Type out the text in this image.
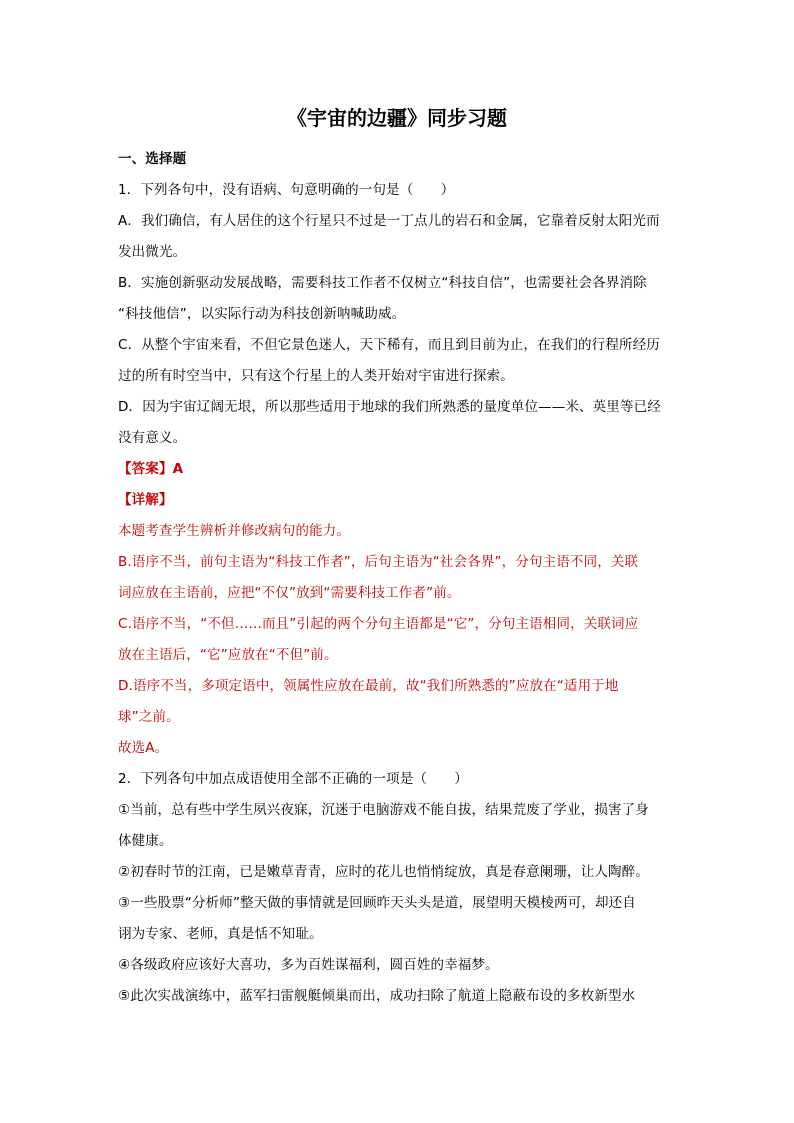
《宇宙的边疆》同步习题
一、选择题
1．下列各句中，没有语病、句意明确的一句是（　　）
A．我们确信，有人居住的这个行星只不过是一丁点儿的岩石和金属，它靠着反射太阳光而
发出微光。
B．实施创新驱动发展战略，需要科技工作者不仅树立“科技自信”，也需要社会各界消除
“科技他信”，以实际行动为科技创新呐喊助威。
C．从整个宇宙来看，不但它景色迷人，天下稀有，而且到目前为止，在我们的行程所经历
过的所有时空当中，只有这个行星上的人类开始对宇宙进行探索。
D．因为宇宙辽阔无垠，所以那些适用于地球的我们所熟悉的量度单位——米、英里等已经
没有意义。
【答案】A
【详解】
本题考查学生辨析并修改病句的能力。
B.语序不当，前句主语为“科技工作者”，后句主语为“社会各界”，分句主语不同，关联
词应放在主语前，应把“不仅”放到“需要科技工作者”前。
C.语序不当，“不但……而且”引起的两个分句主语都是“它”，分句主语相同，关联词应
放在主语后，“它”应放在“不但”前。
D.语序不当，多项定语中，领属性应放在最前，故“我们所熟悉的”应放在“适用于地
球”之前。
故选A。
2．下列各句中加点成语使用全部不正确的一项是（　　）
①当前，总有些中学生夙兴夜寐，沉迷于电脑游戏不能自拔，结果荒废了学业，损害了身
体健康。
②初春时节的江南，已是嫩草青青，应时的花儿也悄悄绽放，真是春意阑珊，让人陶醉。
③一些股票“分析师”整天做的事情就是回顾昨天头头是道，展望明天模棱两可，却还自
诩为专家、老师，真是恬不知耻。
④各级政府应该好大喜功，多为百姓谋福利，圆百姓的幸福梦。
⑤此次实战演练中，蓝军扫雷舰艇倾巢而出，成功扫除了航道上隐蔽布设的多枚新型水
